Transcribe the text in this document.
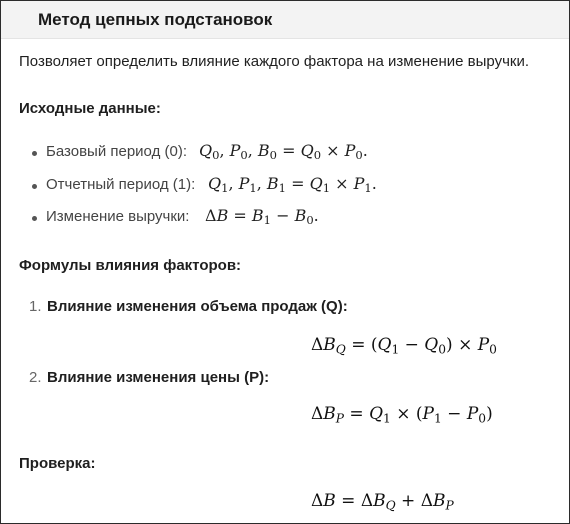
Метод цепных подстановок
Позволяет определить влияние каждого фактора на изменение выручки.
Исходные данные:
Базовый период (0): $Q_0$, $P_0$, $B_0 = Q_0 \times P_0$.
Отчетный период (1): $Q_1$, $P_1$, $B_1 = Q_1 \times P_1$.
Изменение выручки: $\Delta B = B_1 - B_0$.
Формулы влияния факторов:
1. Влияние изменения объема продаж (Q):
$\Delta B_Q = (Q_1 - Q_0) \times P_0$
2. Влияние изменения цены (P):
$\Delta B_P = Q_1 \times (P_1 - P_0)$
Проверка:
$\Delta B = \Delta B_Q + \Delta B_P$
